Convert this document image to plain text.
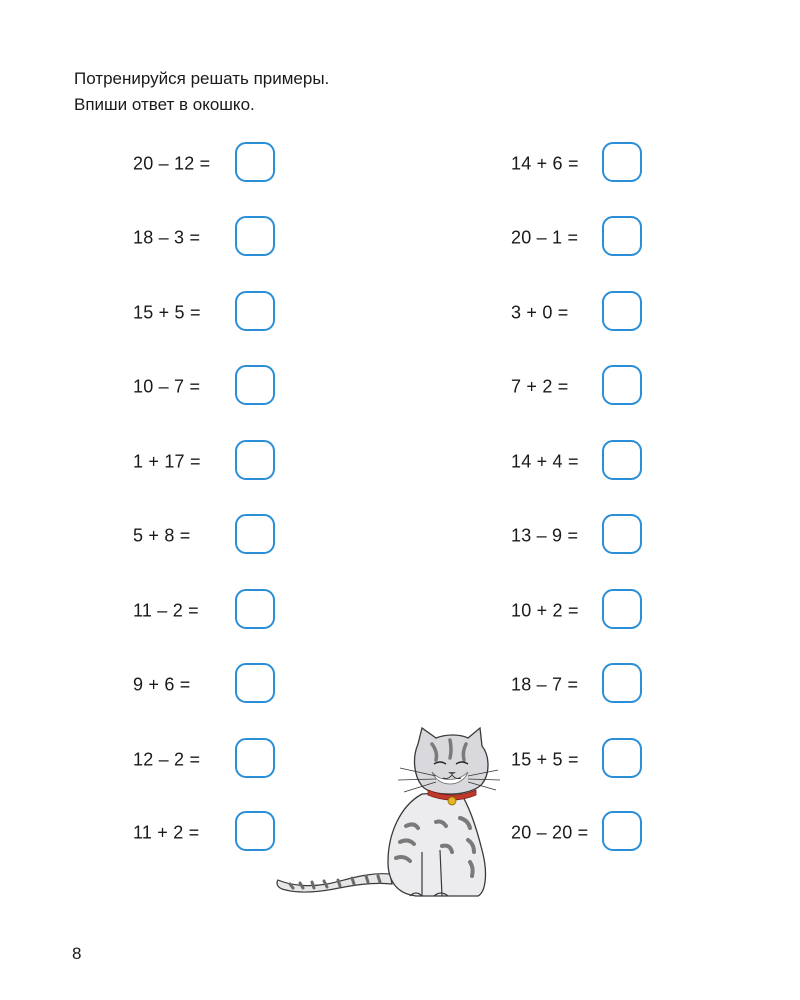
Потренируйся решать примеры.
Впиши ответ в окошко.
20 – 12 =
18 – 3 =
15 + 5 =
10 – 7 =
1 + 17 =
5 + 8 =
11 – 2 =
9 + 6 =
12 – 2 =
11 + 2 =
14 + 6 =
20 – 1 =
3 + 0 =
7 + 2 =
14 + 4 =
13 – 9 =
10 + 2 =
18 – 7 =
15 + 5 =
20 – 20 =
8
